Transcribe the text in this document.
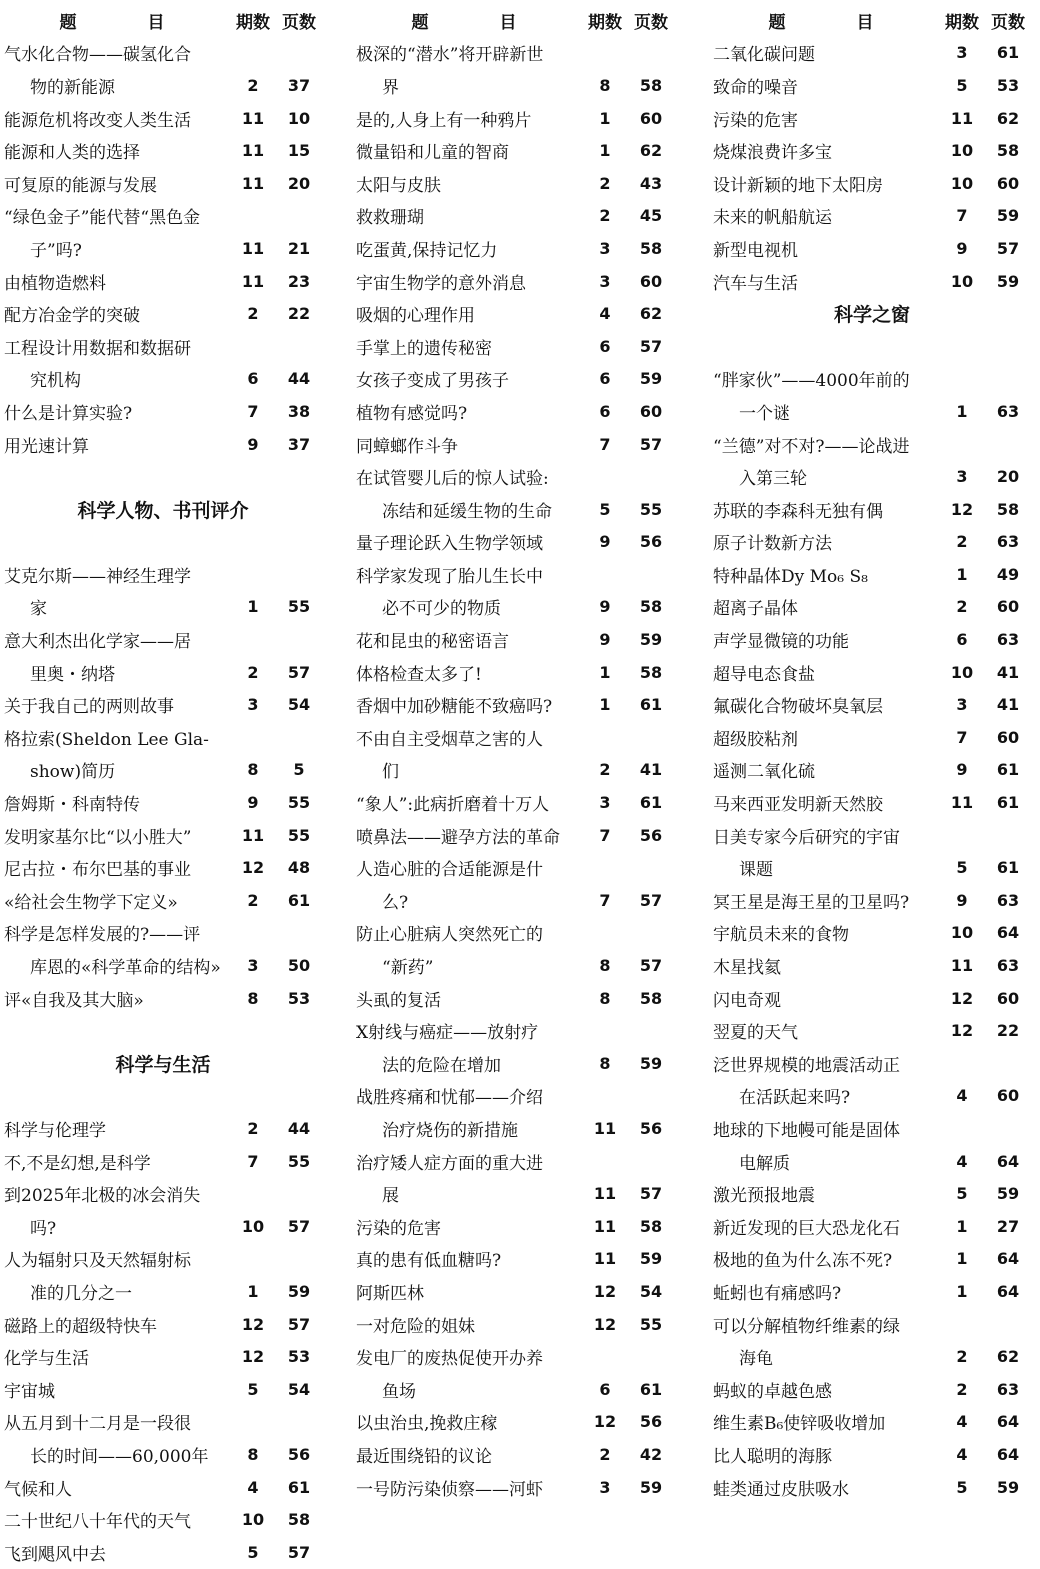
题	目	期数 页数
气水化合物——碳氢化合
物的新能源	2	37
能源危机将改变人类生活	11	10
能源和人类的选择	11	15
可复原的能源与发展	11	20
“绿色金子”能代替“黑色金
子”吗?	11	21
由植物造燃料	11	23
配方冶金学的突破	2	22
工程设计用数据和数据研
究机构	6	44
什么是计算实验?	7	38
用光速计算	9	37
科学人物、书刊评介
艾克尔斯——神经生理学
家	1	55
意大利杰出化学家——居
里奥・纳塔	2	57
关于我自己的两则故事	3	54
格拉索(Sheldon Lee Gla-
show)简历	8	5
詹姆斯・科南特传	9	55
发明家基尔比“以小胜大”	11	55
尼古拉・布尔巴基的事业	12	48
«给社会生物学下定义»	2	61
科学是怎样发展的?——评
库恩的«科学革命的结构»	3	50
评«自我及其大脑»	8	53
科学与生活
科学与伦理学	2	44
不,不是幻想,是科学	7	55
到2025年北极的冰会消失
吗?	10	57
人为辐射只及天然辐射标
准的几分之一	1	59
磁路上的超级特快车	12	57
化学与生活	12	53
宇宙城	5	54
从五月到十二月是一段很
长的时间——60,000年	8	56
气候和人	4	61
二十世纪八十年代的天气	10	58
飞到飓风中去	5	57
题	目	期数 页数
极深的“潜水”将开辟新世
界	8	58
是的,人身上有一种鸦片	1	60
微量铅和儿童的智商	1	62
太阳与皮肤	2	43
救救珊瑚	2	45
吃蛋黄,保持记忆力	3	58
宇宙生物学的意外消息	3	60
吸烟的心理作用	4	62
手掌上的遗传秘密	6	57
女孩子变成了男孩子	6	59
植物有感觉吗?	6	60
同蟑螂作斗争	7	57
在试管婴儿后的惊人试验:
冻结和延缓生物的生命	5	55
量子理论跃入生物学领域	9	56
科学家发现了胎儿生长中
必不可少的物质	9	58
花和昆虫的秘密语言	9	59
体格检查太多了!	1	58
香烟中加砂糖能不致癌吗?	1	61
不由自主受烟草之害的人
们	2	41
“象人”:此病折磨着十万人	3	61
喷鼻法——避孕方法的革命	7	56
人造心脏的合适能源是什
么?	7	57
防止心脏病人突然死亡的
“新药”	8	57
头虱的复活	8	58
X射线与癌症——放射疗
法的危险在增加	8	59
战胜疼痛和忧郁——介绍
治疗烧伤的新措施	11	56
治疗矮人症方面的重大进
展	11	57
污染的危害	11	58
真的患有低血糖吗?	11	59
阿斯匹林	12	54
一对危险的姐妹	12	55
发电厂的废热促使开办养
鱼场	6	61
以虫治虫,挽救庄稼	12	56
最近围绕铅的议论	2	42
一号防污染侦察——河虾	3	59
题	目	期数 页数
二氧化碳问题	3	61
致命的噪音	5	53
污染的危害	11	62
烧煤浪费许多宝	10	58
设计新颖的地下太阳房	10	60
未来的帆船航运	7	59
新型电视机	9	57
汽车与生活	10	59
科学之窗
“胖家伙”——4000年前的
一个谜	1	63
“兰德”对不对?——论战进
入第三轮	3	20
苏联的李森科无独有偶	12	58
原子计数新方法	2	63
特种晶体Dy Mo₆ S₈	1	49
超离子晶体	2	60
声学显微镜的功能	6	63
超导电态食盐	10	41
氟碳化合物破坏臭氧层	3	41
超级胶粘剂	7	60
遥测二氧化硫	9	61
马来西亚发明新天然胶	11	61
日美专家今后研究的宇宙
课题	5	61
冥王星是海王星的卫星吗?	9	63
宇航员未来的食物	10	64
木星找氦	11	63
闪电奇观	12	60
翌夏的天气	12	22
泛世界规模的地震活动正
在活跃起来吗?	4	60
地球的下地幔可能是固体
电解质	4	64
激光预报地震	5	59
新近发现的巨大恐龙化石	1	27
极地的鱼为什么冻不死?	1	64
蚯蚓也有痛感吗?	1	64
可以分解植物纤维素的绿
海龟	2	62
蚂蚁的卓越色感	2	63
维生素B₆使锌吸收增加	4	64
比人聪明的海豚	4	64
蛙类通过皮肤吸水	5	59
